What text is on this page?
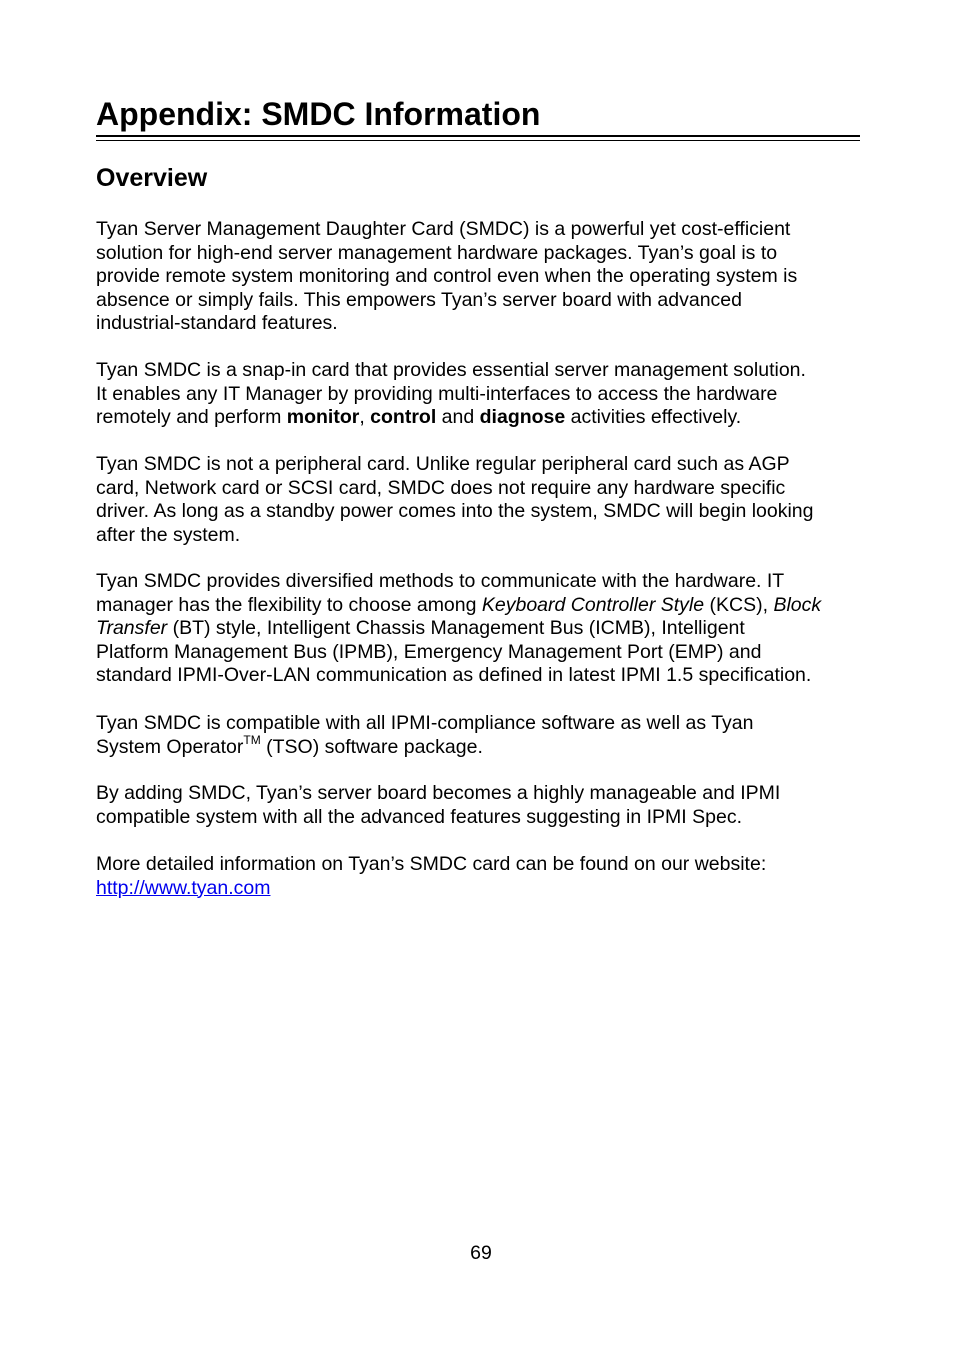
Appendix: SMDC Information
Overview

Tyan Server Management Daughter Card (SMDC) is a powerful yet cost-efficient
solution for high-end server management hardware packages. Tyan’s goal is to
provide remote system monitoring and control even when the operating system is
absence or simply fails. This empowers Tyan’s server board with advanced
industrial-standard features.

Tyan SMDC is a snap-in card that provides essential server management solution.
It enables any IT Manager by providing multi-interfaces to access the hardware
remotely and perform monitor, control and diagnose activities effectively.

Tyan SMDC is not a peripheral card. Unlike regular peripheral card such as AGP
card, Network card or SCSI card, SMDC does not require any hardware specific
driver. As long as a standby power comes into the system, SMDC will begin looking
after the system.

Tyan SMDC provides diversified methods to communicate with the hardware. IT
manager has the flexibility to choose among Keyboard Controller Style (KCS), Block
Transfer (BT) style, Intelligent Chassis Management Bus (ICMB), Intelligent
Platform Management Bus (IPMB), Emergency Management Port (EMP) and
standard IPMI-Over-LAN communication as defined in latest IPMI 1.5 specification.

Tyan SMDC is compatible with all IPMI-compliance software as well as Tyan
System Operator™ (TSO) software package.

By adding SMDC, Tyan’s server board becomes a highly manageable and IPMI
compatible system with all the advanced features suggesting in IPMI Spec.

More detailed information on Tyan’s SMDC card can be found on our website:
http://www.tyan.com

69
